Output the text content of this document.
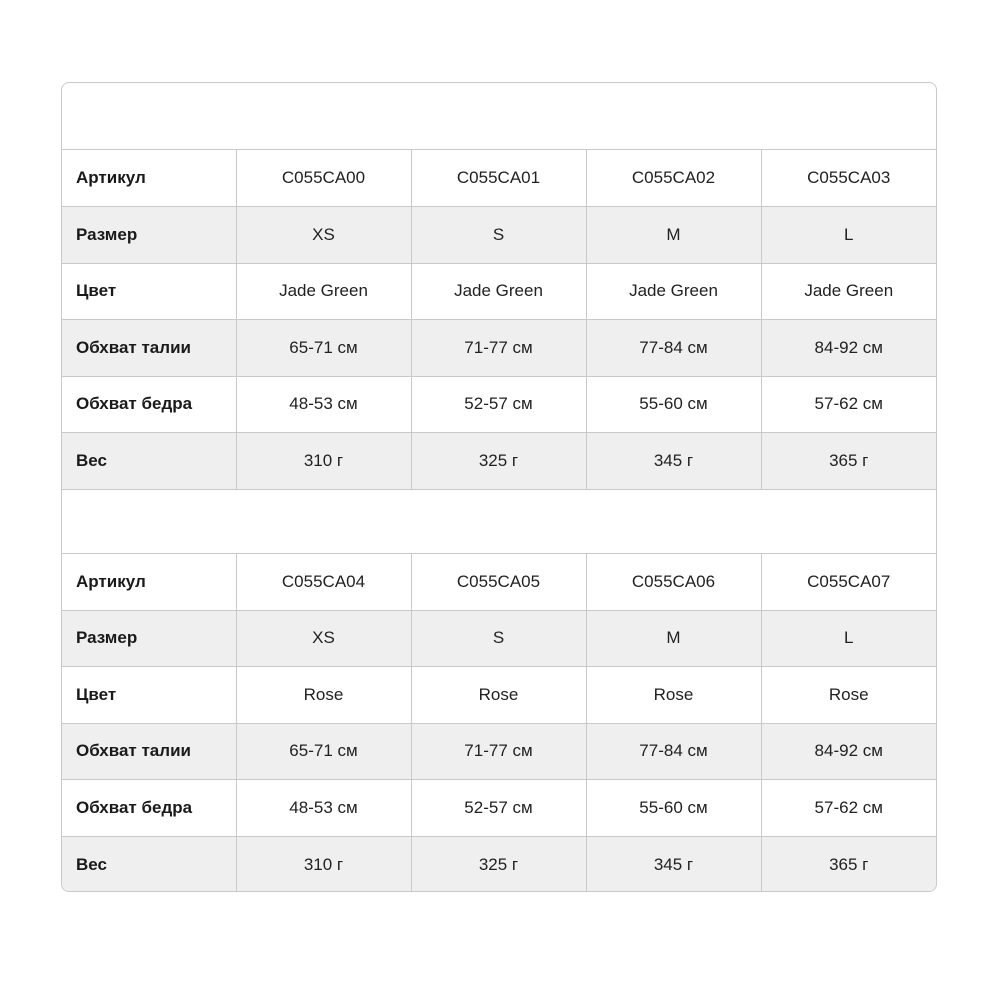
Артикул	C055CA00	C055CA01	C055CA02	C055CA03
Размер	XS	S	M	L
Цвет	Jade Green	Jade Green	Jade Green	Jade Green
Обхват талии	65-71 см	71-77 см	77-84 см	84-92 см
Обхват бедра	48-53 см	52-57 см	55-60 см	57-62 см
Вес	310 г	325 г	345 г	365 г
Артикул	C055CA04	C055CA05	C055CA06	C055CA07
Размер	XS	S	M	L
Цвет	Rose	Rose	Rose	Rose
Обхват талии	65-71 см	71-77 см	77-84 см	84-92 см
Обхват бедра	48-53 см	52-57 см	55-60 см	57-62 см
Вес	310 г	325 г	345 г	365 г
